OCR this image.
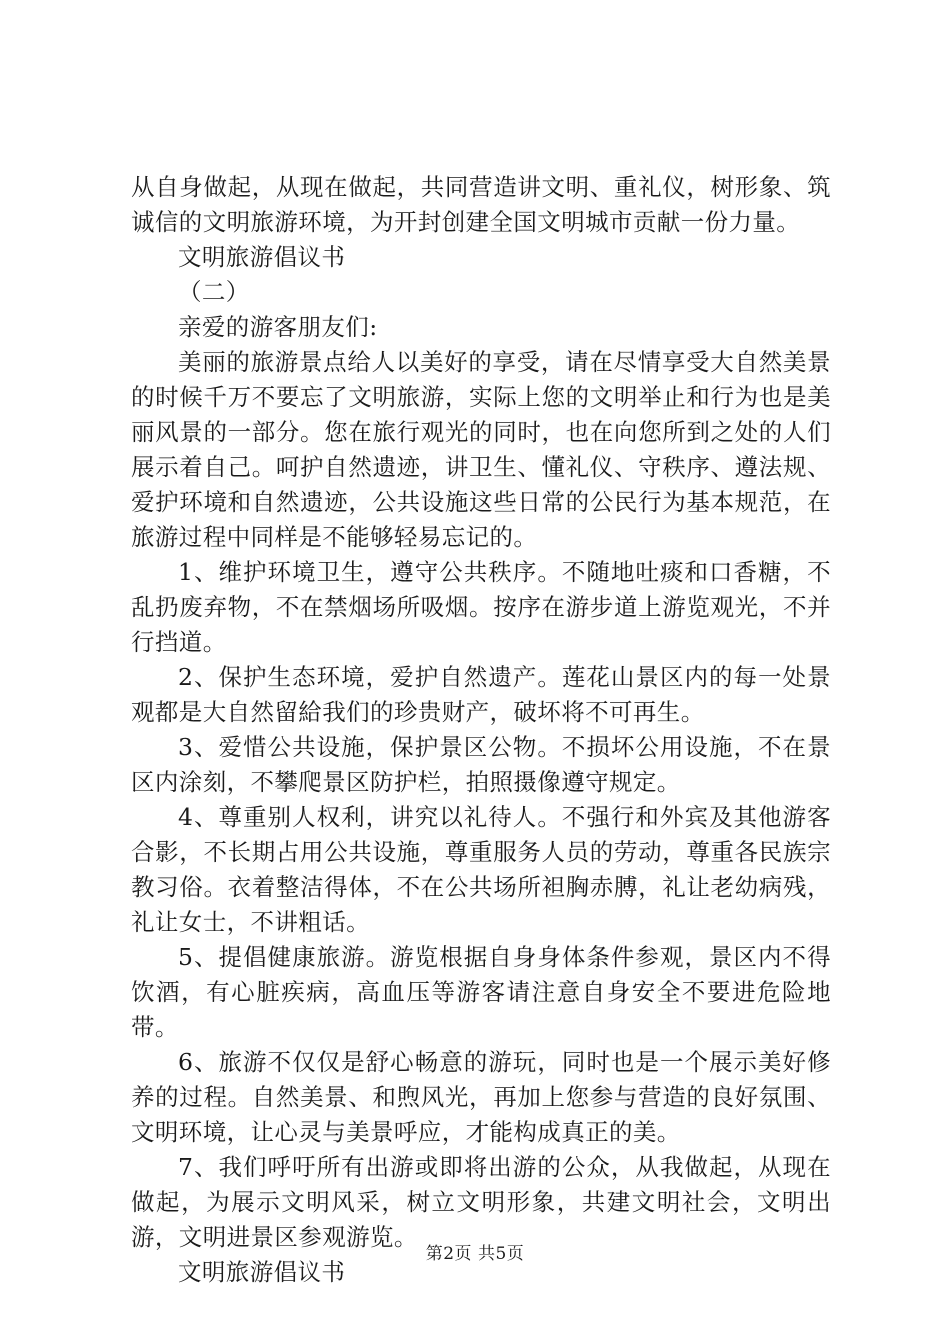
从自身做起，从现在做起，共同营造讲文明、重礼仪，树形象、筑诚信的文明旅游环境，为开封创建全国文明城市贡献一份力量。

文明旅游倡议书

（二）

亲爱的游客朋友们:

美丽的旅游景点给人以美好的享受，请在尽情享受大自然美景的时候千万不要忘了文明旅游，实际上您的文明举止和行为也是美丽风景的一部分。您在旅行观光的同时，也在向您所到之处的人们展示着自己。呵护自然遗迹，讲卫生、懂礼仪、守秩序、遵法规、爱护环境和自然遗迹，公共设施这些日常的公民行为基本规范，在旅游过程中同样是不能够轻易忘记的。

1、维护环境卫生，遵守公共秩序。不随地吐痰和口香糖，不乱扔废弃物，不在禁烟场所吸烟。按序在游步道上游览观光，不并行挡道。

2、保护生态环境，爱护自然遗产。莲花山景区内的每一处景观都是大自然留給我们的珍贵财产，破坏将不可再生。

3、爱惜公共设施，保护景区公物。不损坏公用设施，不在景区内涂刻，不攀爬景区防护栏，拍照摄像遵守规定。

4、尊重别人权利，讲究以礼待人。不强行和外宾及其他游客合影，不长期占用公共设施，尊重服务人员的劳动，尊重各民族宗教习俗。衣着整洁得体，不在公共场所袒胸赤膊，礼让老幼病残，礼让女士，不讲粗话。

5、提倡健康旅游。游览根据自身身体条件参观，景区内不得饮酒，有心脏疾病，高血压等游客请注意自身安全不要进危险地带。

6、旅游不仅仅是舒心畅意的游玩，同时也是一个展示美好修养的过程。自然美景、和煦风光，再加上您参与营造的良好氛围、文明环境，让心灵与美景呼应，才能构成真正的美。

7、我们呼吁所有出游或即将出游的公众，从我做起，从现在做起，为展示文明风采，树立文明形象，共建文明社会，文明出游，文明进景区参观游览。

文明旅游倡议书

第2页 共5页
